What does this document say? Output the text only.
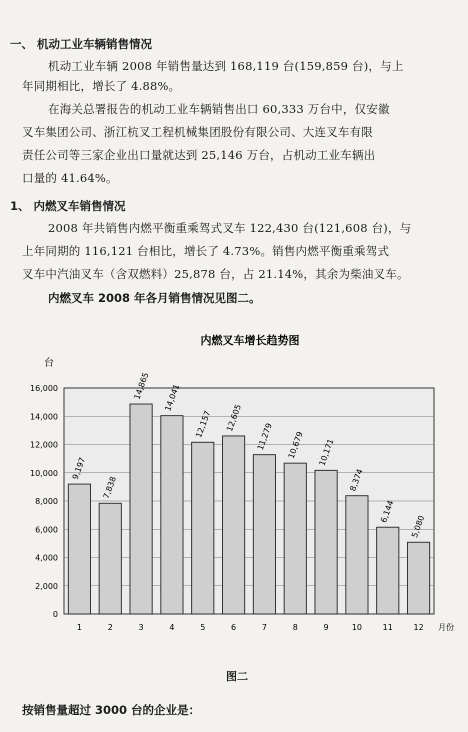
一、 机动工业车辆销售情况
机动工业车辆 2008 年销售量达到 168,119 台(159,859 台)，与上
年同期相比，增长了 4.88%。
在海关总署报告的机动工业车辆销售出口 60,333 万台中，仅安徽
叉车集团公司、浙江杭叉工程机械集团股份有限公司、大连叉车有限
责任公司等三家企业出口量就达到 25,146 万台，占机动工业车辆出
口量的 41.64%。
1、 内燃叉车销售情况
2008 年共销售内燃平衡重乘驾式叉车 122,430 台(121,608 台)，与
上年同期的 116,121 台相比，增长了 4.73%。销售内燃平衡重乘驾式
叉车中汽油叉车（含双燃料）25,878 台，占 21.14%，其余为柴油叉车。
内燃叉车 2008 年各月销售情况见图二。
内燃叉车增长趋势图
台
0
2,000
4,000
6,000
8,000
10,000
12,000
14,000
16,000
9,197
1
7,838
2
14,865
3
14,041
4
12,157
5
12,605
6
11,279
7
10,679
8
10,171
9
8,374
10
6,144
11
5,080
12 月份
图二
按销售量超过 3000 台的企业是：
